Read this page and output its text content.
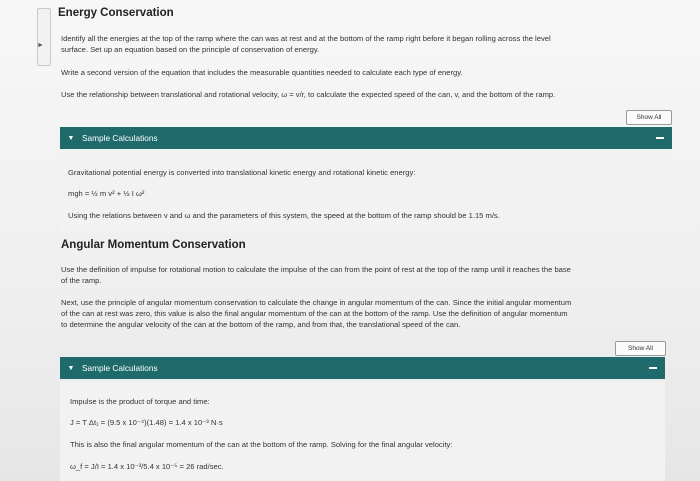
►
Energy Conservation

Identify all the energies at the top of the ramp where the can was at rest and at the bottom of the ramp right before it began rolling across the level

surface. Set up an equation based on the principle of conservation of energy.

Write a second version of the equation that includes the measurable quantities needed to calculate each type of energy.

Use the relationship between translational and rotational velocity, ω = v/r, to calculate the expected speed of the can, v, and the bottom of the ramp.

Show All
▼ Sample Calculations

Gravitational potential energy is converted into translational kinetic energy and rotational kinetic energy:

mgh = ½ m v² + ½ I ω²

Using the relations between v and ω and the parameters of this system, the speed at the bottom of the ramp should be 1.15 m/s.

Angular Momentum Conservation

Use the definition of impulse for rotational motion to calculate the impulse of the can from the point of rest at the top of the ramp until it reaches the base

of the ramp.

Next, use the principle of angular momentum conservation to calculate the change in angular momentum of the can. Since the initial angular momentum

of the can at rest was zero, this value is also the final angular momentum of the can at the bottom of the ramp. Use the definition of angular momentum

to determine the angular velocity of the can at the bottom of the ramp, and from that, the translational speed of the can.

Show All
▼ Sample Calculations

Impulse is the product of torque and time:

J = T Δt₁ = (9.5 x 10⁻⁴)(1.48) = 1.4 x 10⁻³ N·s

This is also the final angular momentum of the can at the bottom of the ramp. Solving for the final angular velocity:

ω_f = J/I = 1.4 x 10⁻³/5.4 x 10⁻⁵ = 26 rad/sec.
